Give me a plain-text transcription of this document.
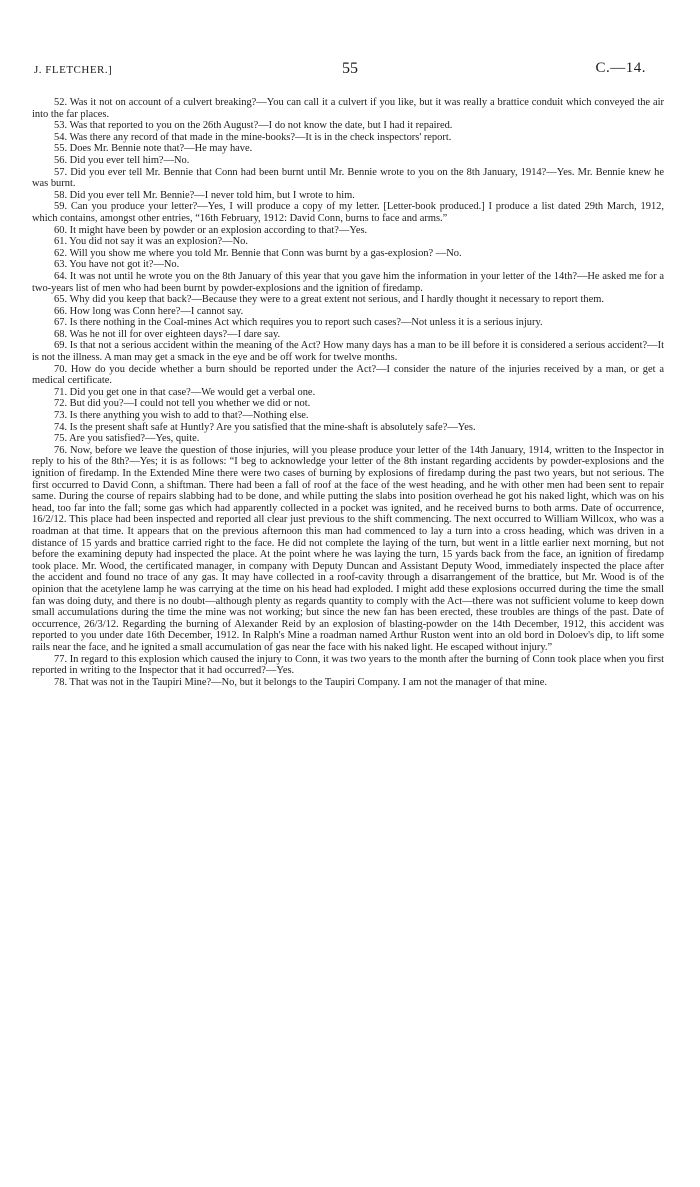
J. FLETCHER.]	55	C.—14.

52. Was it not on account of a culvert breaking?—You can call it a culvert if you like, but it was really a brattice conduit which conveyed the air into the far places.

53. Was that reported to you on the 26th August?—I do not know the date, but I had it repaired.

54. Was there any record of that made in the mine-books?—It is in the check inspectors' report.

55. Does Mr. Bennie note that?—He may have.

56. Did you ever tell him?—No.

57. Did you ever tell Mr. Bennie that Conn had been burnt until Mr. Bennie wrote to you on the 8th January, 1914?—Yes. Mr. Bennie knew he was burnt.

58. Did you ever tell Mr. Bennie?—I never told him, but I wrote to him.

59. Can you produce your letter?—Yes, I will produce a copy of my letter. [Letter-book produced.] I produce a list dated 29th March, 1912, which contains, amongst other entries, “16th February, 1912: David Conn, burns to face and arms.”

60. It might have been by powder or an explosion according to that?—Yes.

61. You did not say it was an explosion?—No.

62. Will you show me where you told Mr. Bennie that Conn was burnt by a gas-explosion? —No.

63. You have not got it?—No.

64. It was not until he wrote you on the 8th January of this year that you gave him the information in your letter of the 14th?—He asked me for a two-years list of men who had been burnt by powder-explosions and the ignition of firedamp.

65. Why did you keep that back?—Because they were to a great extent not serious, and I hardly thought it necessary to report them.

66. How long was Conn here?—I cannot say.

67. Is there nothing in the Coal-mines Act which requires you to report such cases?—Not unless it is a serious injury.

68. Was he not ill for over eighteen days?—I dare say.

69. Is that not a serious accident within the meaning of the Act? How many days has a man to be ill before it is considered a serious accident?—It is not the illness. A man may get a smack in the eye and be off work for twelve months.

70. How do you decide whether a burn should be reported under the Act?—I consider the nature of the injuries received by a man, or get a medical certificate.

71. Did you get one in that case?—We would get a verbal one.

72. But did you?—I could not tell you whether we did or not.

73. Is there anything you wish to add to that?—Nothing else.

74. Is the present shaft safe at Huntly? Are you satisfied that the mine-shaft is absolutely safe?—Yes.

75. Are you satisfied?—Yes, quite.

76. Now, before we leave the question of those injuries, will you please produce your letter of the 14th January, 1914, written to the Inspector in reply to his of the 8th?—Yes; it is as follows: “I beg to acknowledge your letter of the 8th instant regarding accidents by powder-explosions and the ignition of firedamp. In the Extended Mine there were two cases of burning by explosions of firedamp during the past two years, but not serious. The first occurred to David Conn, a shiftman. There had been a fall of roof at the face of the west heading, and he with other men had been sent to repair same. During the course of repairs slabbing had to be done, and while putting the slabs into position overhead he got his naked light, which was on his head, too far into the fall; some gas which had apparently collected in a pocket was ignited, and he received burns to both arms. Date of occurrence, 16/2/12. This place had been inspected and reported all clear just previous to the shift commencing. The next occurred to William Willcox, who was a roadman at that time. It appears that on the previous afternoon this man had commenced to lay a turn into a cross heading, which was driven in a distance of 15 yards and brattice carried right to the face. He did not complete the laying of the turn, but went in a little earlier next morning, but not before the examining deputy had inspected the place. At the point where he was laying the turn, 15 yards back from the face, an ignition of firedamp took place. Mr. Wood, the certificated manager, in company with Deputy Duncan and Assistant Deputy Wood, immediately inspected the place after the accident and found no trace of any gas. It may have collected in a roof-cavity through a disarrangement of the brattice, but Mr. Wood is of the opinion that the acetylene lamp he was carrying at the time on his head had exploded. I might add these explosions occurred during the time the small fan was doing duty, and there is no doubt—although plenty as regards quantity to comply with the Act—there was not sufficient volume to keep down small accumulations during the time the mine was not working; but since the new fan has been erected, these troubles are things of the past. Date of occurrence, 26/3/12. Regarding the burning of Alexander Reid by an explosion of blasting-powder on the 14th December, 1912, this accident was reported to you under date 16th December, 1912. In Ralph's Mine a roadman named Arthur Ruston went into an old bord in Doloev's dip, to lift some rails near the face, and he ignited a small accumulation of gas near the face with his naked light. He escaped without injury.”

77. In regard to this explosion which caused the injury to Conn, it was two years to the month after the burning of Conn took place when you first reported in writing to the Inspector that it had occurred?—Yes.

78. That was not in the Taupiri Mine?—No, but it belongs to the Taupiri Company. I am not the manager of that mine.
